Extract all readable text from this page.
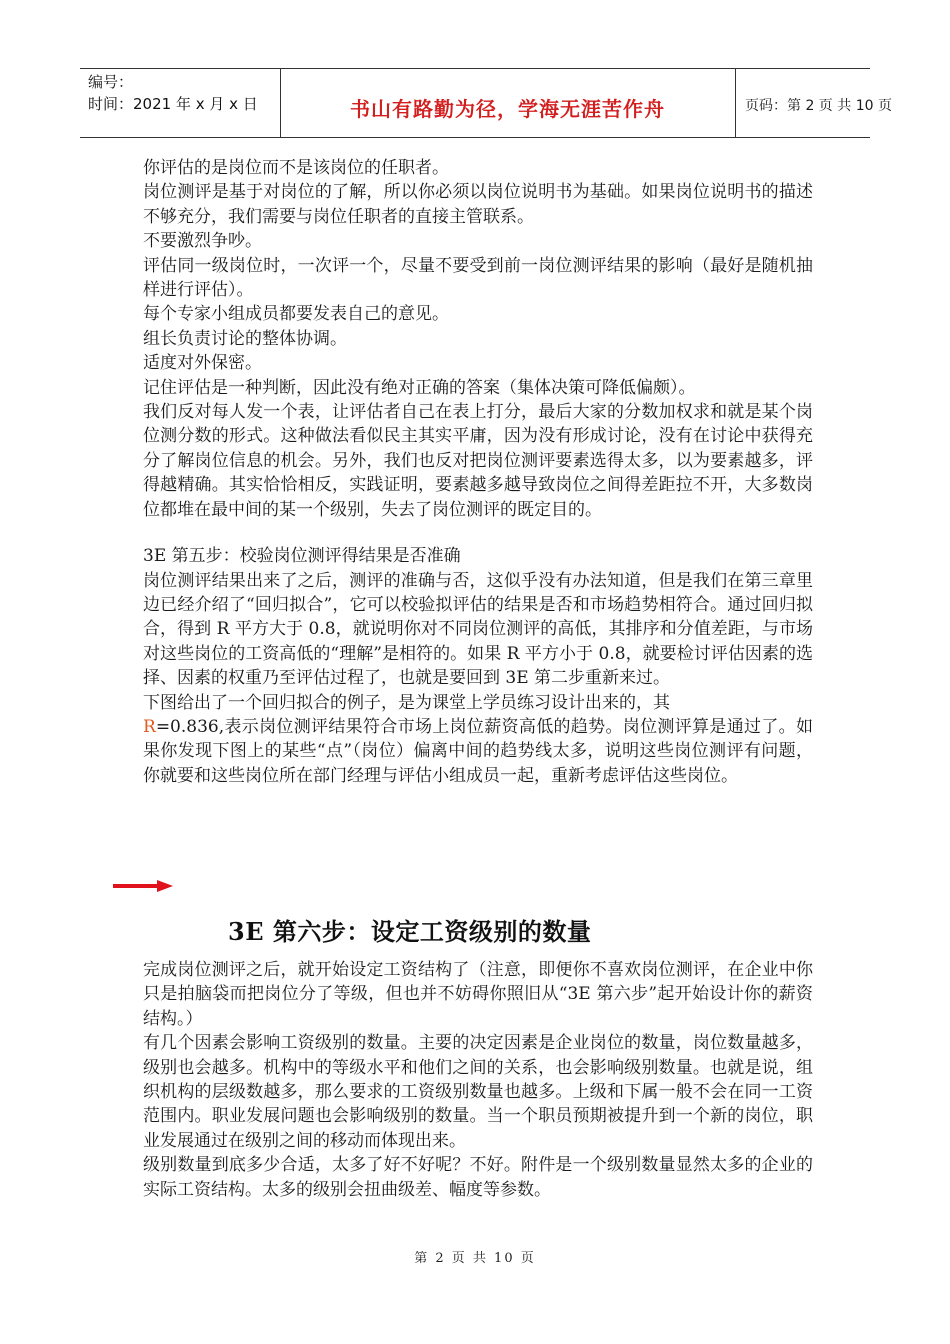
编号：
时间：2021 年 x 月 x 日	书山有路勤为径，学海无涯苦作舟	页码：第 2 页 共 10 页

你评估的是岗位而不是该岗位的任职者。

岗位测评是基于对岗位的了解，所以你必须以岗位说明书为基础。如果岗位说明书的描述不够充分，我们需要与岗位任职者的直接主管联系。

不要激烈争吵。

评估同一级岗位时，一次评一个，尽量不要受到前一岗位测评结果的影响（最好是随机抽样进行评估）。

每个专家小组成员都要发表自己的意见。

组长负责讨论的整体协调。

适度对外保密。

记住评估是一种判断，因此没有绝对正确的答案（集体决策可降低偏颇）。

我们反对每人发一个表，让评估者自己在表上打分，最后大家的分数加权求和就是某个岗位测分数的形式。这种做法看似民主其实平庸，因为没有形成讨论，没有在讨论中获得充分了解岗位信息的机会。另外，我们也反对把岗位测评要素选得太多，以为要素越多，评得越精确。其实恰恰相反，实践证明，要素越多越导致岗位之间得差距拉不开，大多数岗位都堆在最中间的某一个级别，失去了岗位测评的既定目的。

3E 第五步：校验岗位测评得结果是否准确

岗位测评结果出来了之后，测评的准确与否，这似乎没有办法知道，但是我们在第三章里边已经介绍了“回归拟合”，它可以校验拟评估的结果是否和市场趋势相符合。通过回归拟合，得到 R 平方大于 0.8，就说明你对不同岗位测评的高低，其排序和分值差距，与市场对这些岗位的工资高低的“理解”是相符的。如果 R 平方小于 0.8，就要检讨评估因素的选择、因素的权重乃至评估过程了，也就是要回到 3E 第二步重新来过。

下图给出了一个回归拟合的例子，是为课堂上学员练习设计出来的，其

R=0.836,表示岗位测评结果符合市场上岗位薪资高低的趋势。岗位测评算是通过了。如果你发现下图上的某些“点”（岗位）偏离中间的趋势线太多，说明这些岗位测评有问题，你就要和这些岗位所在部门经理与评估小组成员一起，重新考虑评估这些岗位。

3E 第六步：设定工资级别的数量

完成岗位测评之后，就开始设定工资结构了（注意，即便你不喜欢岗位测评，在企业中你只是拍脑袋而把岗位分了等级，但也并不妨碍你照旧从“3E 第六步”起开始设计你的薪资结构。）

有几个因素会影响工资级别的数量。主要的决定因素是企业岗位的数量，岗位数量越多，级别也会越多。机构中的等级水平和他们之间的关系，也会影响级别数量。也就是说，组织机构的层级数越多，那么要求的工资级别数量也越多。上级和下属一般不会在同一工资范围内。职业发展问题也会影响级别的数量。当一个职员预期被提升到一个新的岗位，职业发展通过在级别之间的移动而体现出来。

级别数量到底多少合适，太多了好不好呢？不好。附件是一个级别数量显然太多的企业的实际工资结构。太多的级别会扭曲级差、幅度等参数。

第 2 页 共 10 页
